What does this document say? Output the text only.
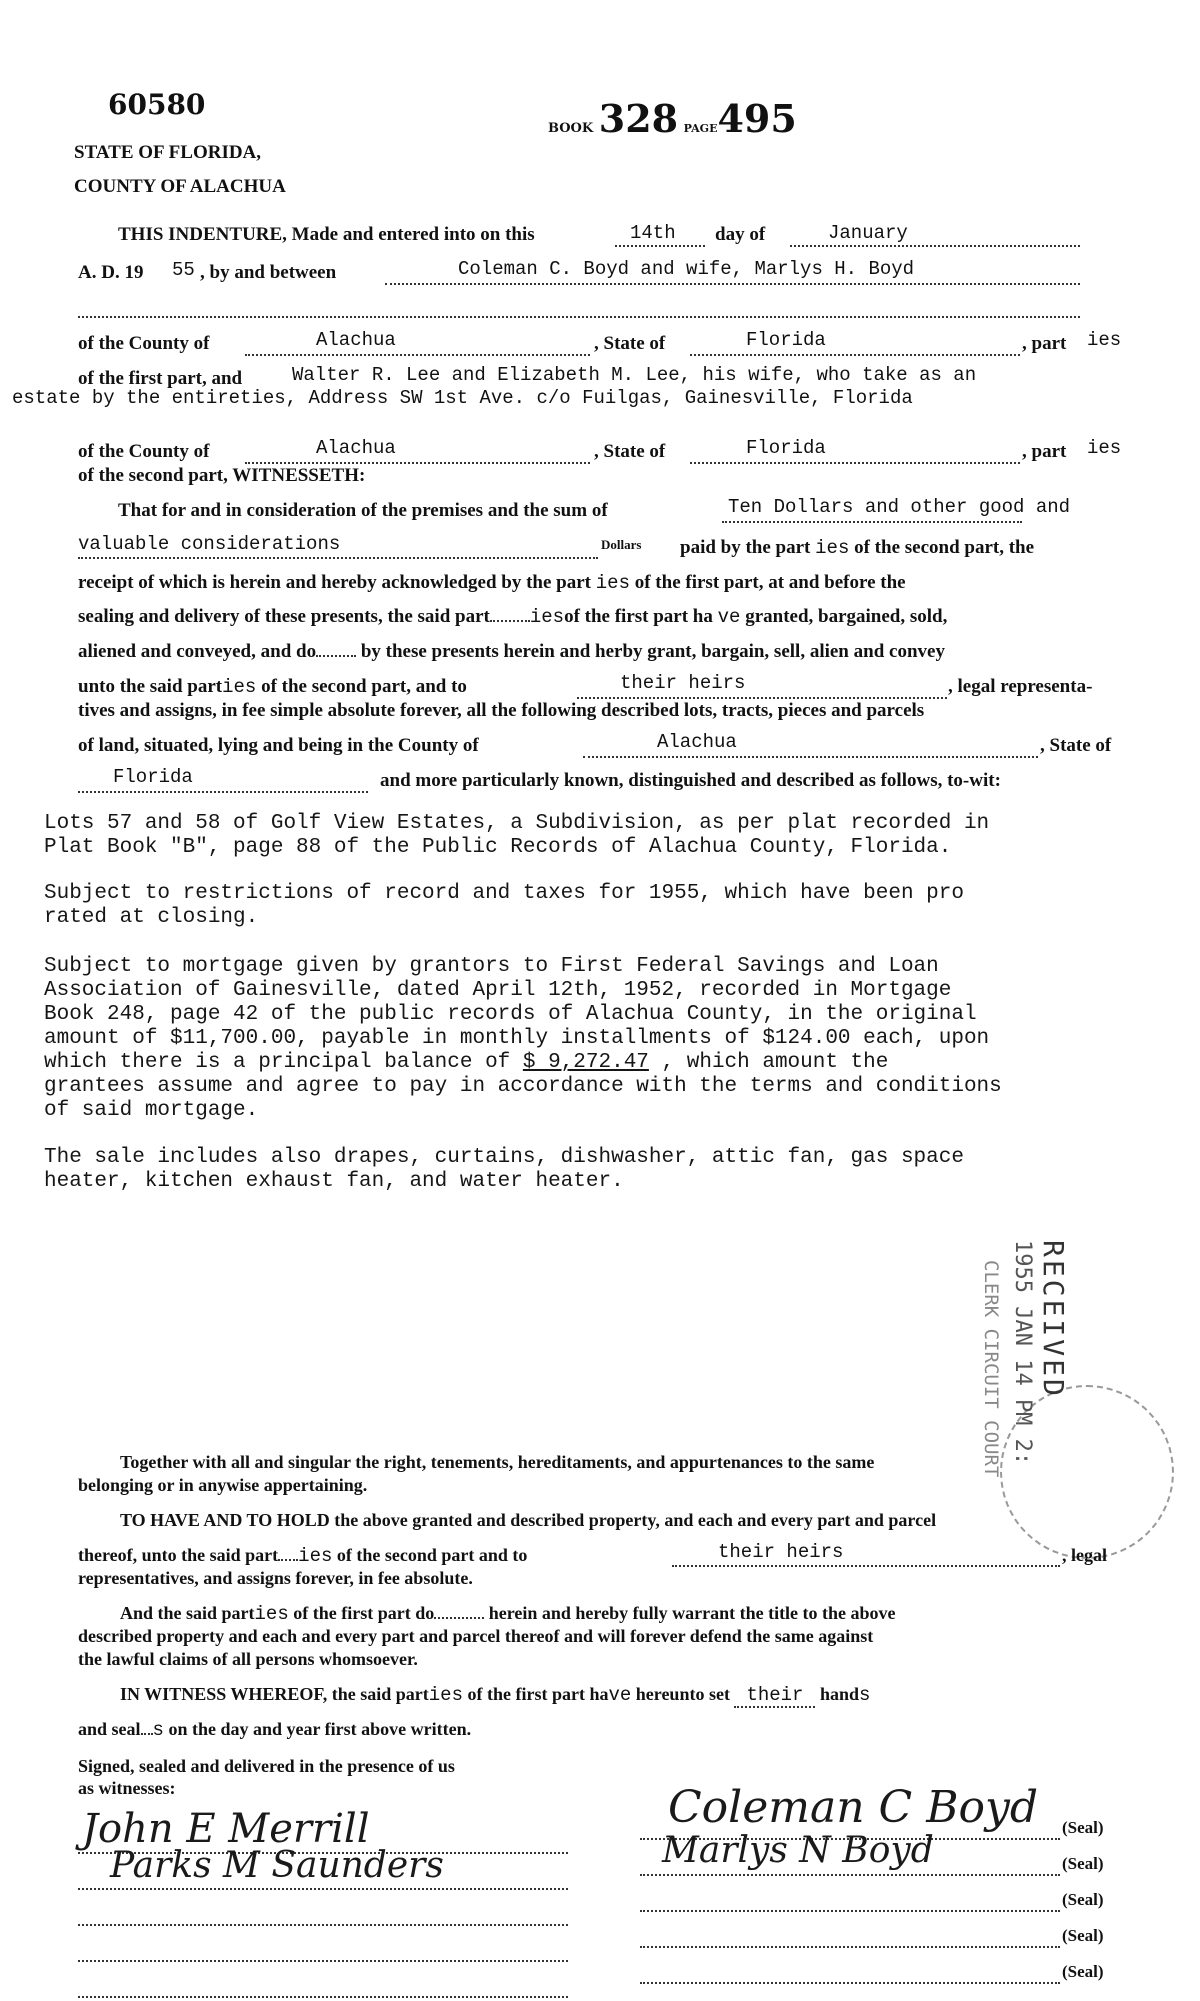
60580
BOOK 328 PAGE495
STATE OF FLORIDA,
COUNTY OF ALACHUA
THIS INDENTURE, Made and entered into on this	14th day of	January
A. D. 19 55 , by and between	Coleman C. Boyd and wife, Marlys H. Boyd
of the County of	Alachua	, State of	Florida	, part ies
of the first part, and	Walter R. Lee and Elizabeth M. Lee, his wife, who take as an
estate by the entireties, Address SW 1st Ave. c/o Fuilgas, Gainesville, Florida
of the County of	Alachua	, State of	Florida	, part ies
of the second part, WITNESSETH:
That for and in consideration of the premises and the sum of	Ten Dollars and other good and
valuable considerations	Dollars paid by the part ies of the second part, the
receipt of which is herein and hereby acknowledged by the part ies of the first part, at and before the
sealing and delivery of these presents, the said part iesof the first part ha ve granted, bargained, sold,
aliened and conveyed, and do by these presents herein and herby grant, bargain, sell, alien and convey
unto the said parties of the second part, and to	their heirs	, legal representa-
tives and assigns, in fee simple absolute forever, all the following described lots, tracts, pieces and parcels
of land, situated, lying and being in the County of	Alachua	, State of
Florida	and more particularly known, distinguished and described as follows, to-wit:
Lots 57 and 58 of Golf View Estates, a Subdivision, as per plat recorded in
Plat Book "B", page 88 of the Public Records of Alachua County, Florida.
Subject to restrictions of record and taxes for 1955, which have been pro
rated at closing.
Subject to mortgage given by grantors to First Federal Savings and Loan
Association of Gainesville, dated April 12th, 1952, recorded in Mortgage
Book 248, page 42 of the public records of Alachua County, in the original
amount of $11,700.00, payable in monthly installments of $124.00 each, upon
which there is a principal balance of $ 9,272.47 , which amount the
grantees assume and agree to pay in accordance with the terms and conditions
of said mortgage.
The sale includes also drapes, curtains, dishwasher, attic fan, gas space
heater, kitchen exhaust fan, and water heater.
RECEIVED
1955 JAN 14 PM 2:
CLERK CIRCUIT COURT
Together with all and singular the right, tenements, hereditaments, and appurtenances to the same
belonging or in anywise appertaining.
TO HAVE AND TO HOLD the above granted and described property, and each and every part and parcel
thereof, unto the said part ies of the second part and to	their heirs	, legal
representatives, and assigns forever, in fee absolute.
And the said parties of the first part do	herein and hereby fully warrant the title to the above
described property and each and every part and parcel thereof and will forever defend the same against
the lawful claims of all persons whomsoever.
IN WITNESS WHEREOF, the said parties of the first part have hereunto set their hands
and seal s on the day and year first above written.
Signed, sealed and delivered in the presence of us
as witnesses:
John E Merrill
Parks M Saunders
Coleman C Boyd
Marlys N Boyd
(Seal)
(Seal)
(Seal)
(Seal)
(Seal)
